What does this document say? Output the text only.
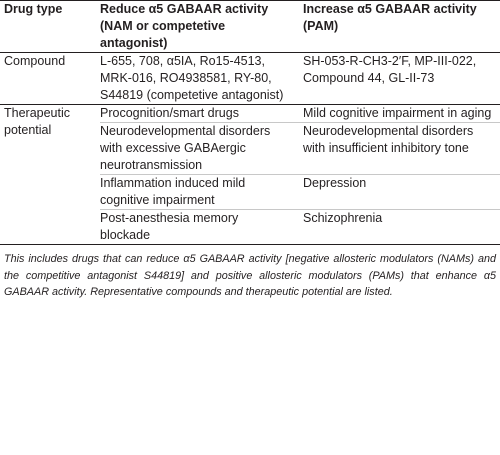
Drug type	Reduce α5 GABAAR activity (NAM or competetive antagonist)	Increase α5 GABAAR activity (PAM)
Compound	L-655, 708, α5IA, Ro15-4513, MRK-016, RO4938581, RY-80, S44819 (competetive antagonist)	SH-053-R-CH3-2′F, MP-III-022, Compound 44, GL-II-73
Therapeutic potential	Procognition/smart drugs	Mild cognitive impairment in aging
	Neurodevelopmental disorders with excessive GABAergic neurotransmission	Neurodevelopmental disorders with insufficient inhibitory tone
	Inflammation induced mild cognitive impairment	Depression
	Post-anesthesia memory blockade	Schizophrenia
This includes drugs that can reduce α5 GABAAR activity [negative allosteric modulators (NAMs) and the competitive antagonist S44819] and positive allosteric modulators (PAMs) that enhance α5 GABAAR activity. Representative compounds and therapeutic potential are listed.
